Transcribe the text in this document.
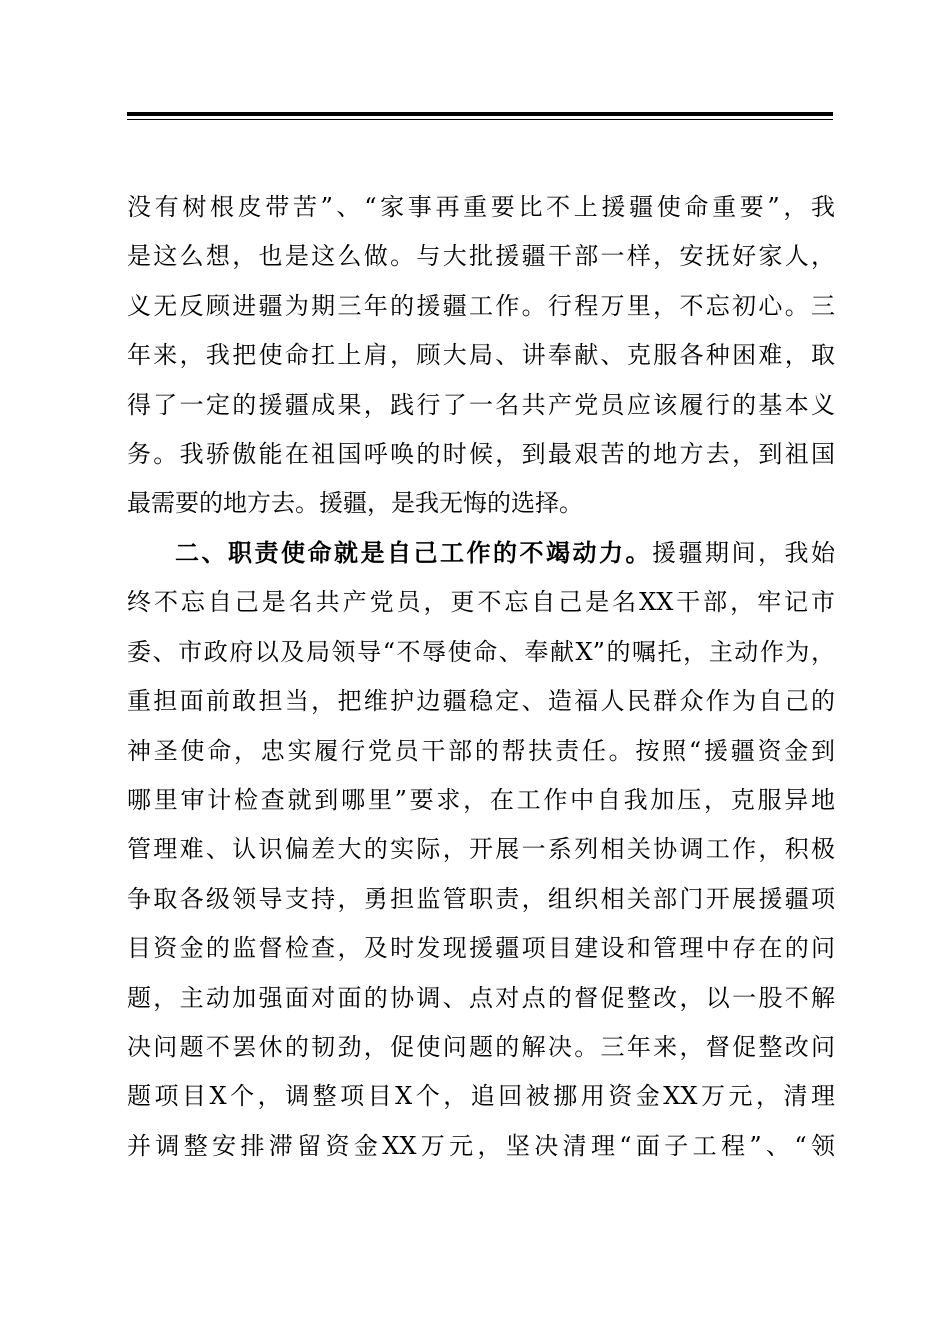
没有树根皮带苦”、“家事再重要比不上援疆使命重要”，我
是这么想，也是这么做。与大批援疆干部一样，安抚好家人，
义无反顾进疆为期三年的援疆工作。行程万里，不忘初心。三
年来，我把使命扛上肩，顾大局、讲奉献、克服各种困难，取
得了一定的援疆成果，践行了一名共产党员应该履行的基本义
务。我骄傲能在祖国呼唤的时候，到最艰苦的地方去，到祖国
最需要的地方去。援疆，是我无悔的选择。
二、职责使命就是自己工作的不竭动力。援疆期间，我始
终不忘自己是名共产党员，更不忘自己是名XX干部，牢记市
委、市政府以及局领导“不辱使命、奉献X”的嘱托，主动作为，
重担面前敢担当，把维护边疆稳定、造福人民群众作为自己的
神圣使命，忠实履行党员干部的帮扶责任。按照“援疆资金到
哪里审计检查就到哪里”要求，在工作中自我加压，克服异地
管理难、认识偏差大的实际，开展一系列相关协调工作，积极
争取各级领导支持，勇担监管职责，组织相关部门开展援疆项
目资金的监督检查，及时发现援疆项目建设和管理中存在的问
题，主动加强面对面的协调、点对点的督促整改，以一股不解
决问题不罢休的韧劲，促使问题的解决。三年来，督促整改问
题项目X个，调整项目X个，追回被挪用资金XX万元，清理
并调整安排滞留资金XX万元，坚决清理“面子工程”、“领
